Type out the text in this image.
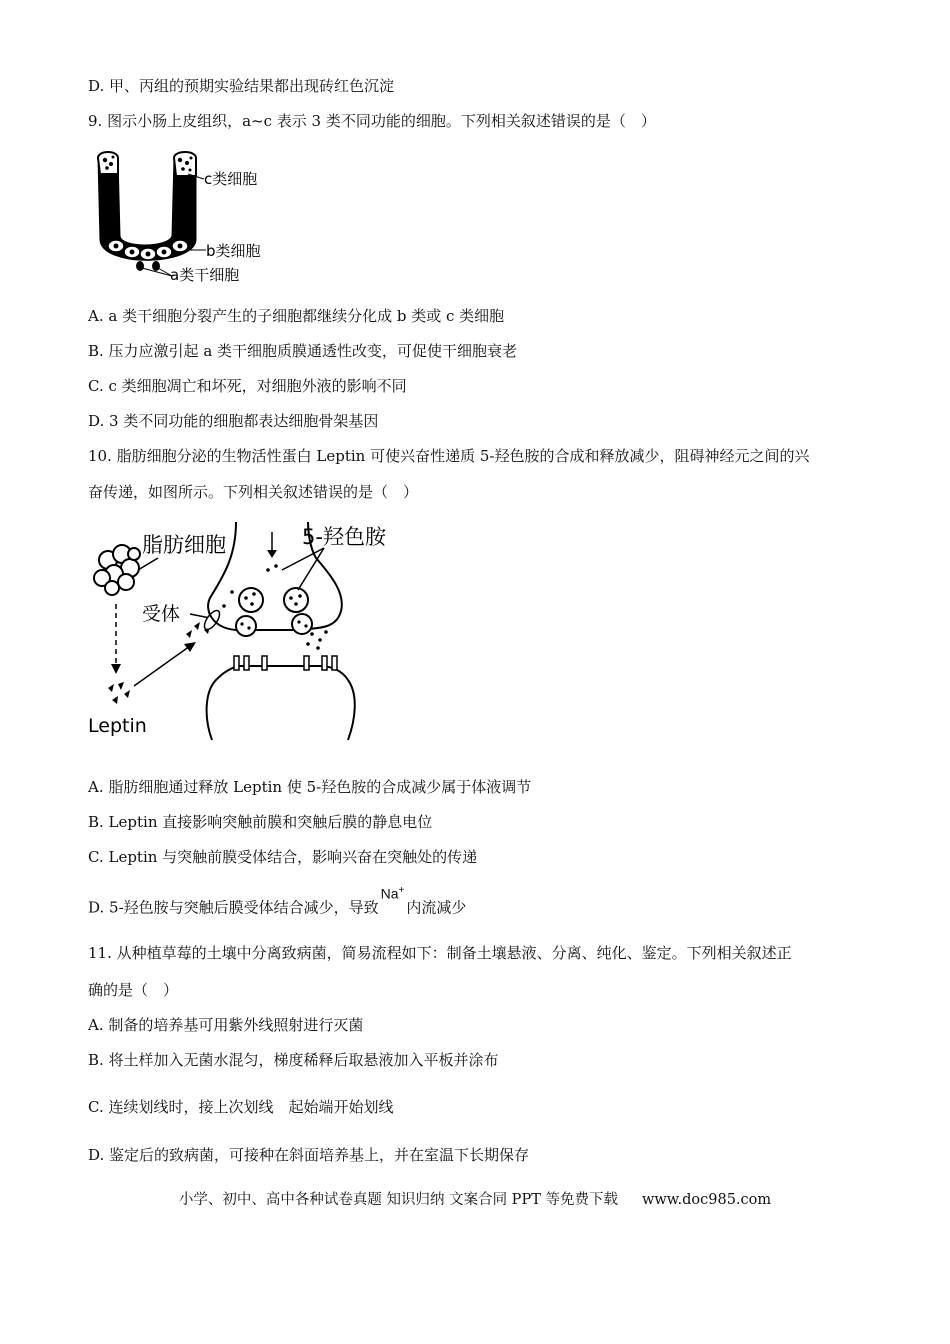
D. 甲、丙组的预期实验结果都出现砖红色沉淀
9. 图示小肠上皮组织，a~c 表示 3 类不同功能的细胞。下列相关叙述错误的是（　）
c类细胞
b类细胞
a类干细胞
A. a 类干细胞分裂产生的子细胞都继续分化成 b 类或 c 类细胞
B. 压力应激引起 a 类干细胞质膜通透性改变，可促使干细胞衰老
C. c 类细胞凋亡和坏死，对细胞外液的影响不同
D. 3 类不同功能的细胞都表达细胞骨架基因
10. 脂肪细胞分泌的生物活性蛋白 Leptin 可使兴奋性递质 5-羟色胺的合成和释放减少，阻碍神经元之间的兴
奋传递，如图所示。下列相关叙述错误的是（　）
脂肪细胞
Leptin
受体
5-羟色胺
A. 脂肪细胞通过释放 Leptin 使 5-羟色胺的合成减少属于体液调节
B. Leptin 直接影响突触前膜和突触后膜的静息电位
C. Leptin 与突触前膜受体结合，影响兴奋在突触处的传递
D. 5-羟色胺与突触后膜受体结合减少，导致Na+内流减少
11. 从种植草莓的土壤中分离致病菌，简易流程如下：制备土壤悬液、分离、纯化、鉴定。下列相关叙述正
确的是（　）
A. 制备的培养基可用紫外线照射进行灭菌
B. 将土样加入无菌水混匀，梯度稀释后取悬液加入平板并涂布
C. 连续划线时，接上次划线　起始端开始划线
D. 鉴定后的致病菌，可接种在斜面培养基上，并在室温下长期保存
小学、初中、高中各种试卷真题 知识归纳 文案合同 PPT 等免费下载 www.doc985.com
